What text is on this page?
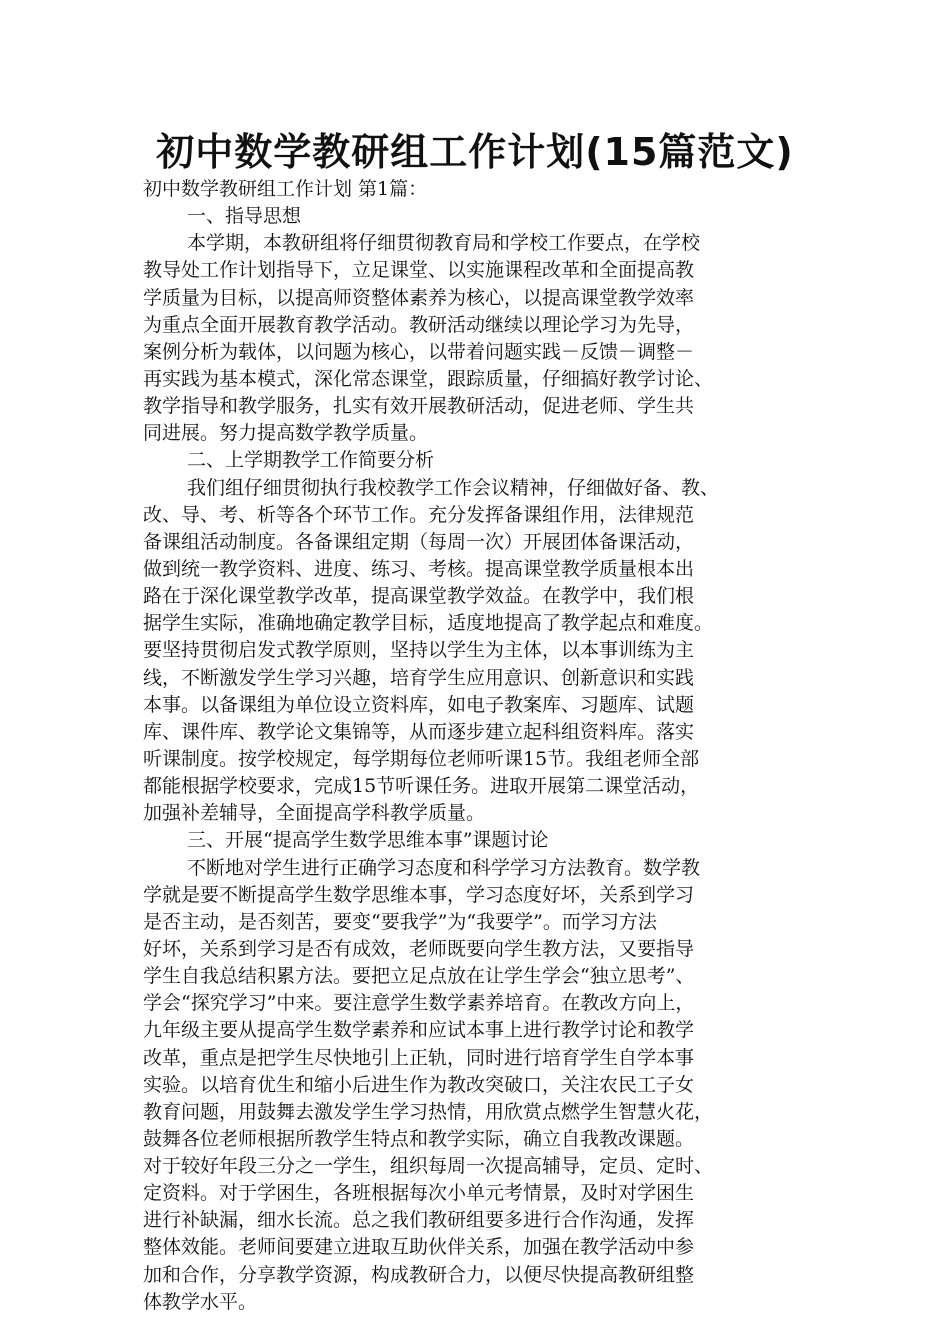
初中数学教研组工作计划(15篇范文)
初中数学教研组工作计划 第1篇：
一、指导思想
本学期，本教研组将仔细贯彻教育局和学校工作要点，在学校
教导处工作计划指导下，立足课堂、以实施课程改革和全面提高教
学质量为目标，以提高师资整体素养为核心，以提高课堂教学效率
为重点全面开展教育教学活动。教研活动继续以理论学习为先导，
案例分析为载体，以问题为核心，以带着问题实践－反馈－调整－
再实践为基本模式，深化常态课堂，跟踪质量，仔细搞好教学讨论、
教学指导和教学服务，扎实有效开展教研活动，促进老师、学生共
同进展。努力提高数学教学质量。
二、上学期教学工作简要分析
我们组仔细贯彻执行我校教学工作会议精神，仔细做好备、教、
改、导、考、析等各个环节工作。充分发挥备课组作用，法律规范
备课组活动制度。各备课组定期（每周一次）开展团体备课活动，
做到统一教学资料、进度、练习、考核。提高课堂教学质量根本出
路在于深化课堂教学改革，提高课堂教学效益。在教学中，我们根
据学生实际，准确地确定教学目标，适度地提高了教学起点和难度。
要坚持贯彻启发式教学原则，坚持以学生为主体，以本事训练为主
线，不断激发学生学习兴趣，培育学生应用意识、创新意识和实践
本事。以备课组为单位设立资料库，如电子教案库、习题库、试题
库、课件库、教学论文集锦等，从而逐步建立起科组资料库。落实
听课制度。按学校规定，每学期每位老师听课15节。我组老师全部
都能根据学校要求，完成15节听课任务。进取开展第二课堂活动，
加强补差辅导，全面提高学科教学质量。
三、开展“提高学生数学思维本事”课题讨论
不断地对学生进行正确学习态度和科学学习方法教育。数学教
学就是要不断提高学生数学思维本事，学习态度好坏，关系到学习
是否主动，是否刻苦，要变“要我学”为“我要学”。而学习方法
好坏，关系到学习是否有成效，老师既要向学生教方法，又要指导
学生自我总结积累方法。要把立足点放在让学生学会“独立思考”、
学会“探究学习”中来。要注意学生数学素养培育。在教改方向上，
九年级主要从提高学生数学素养和应试本事上进行教学讨论和教学
改革，重点是把学生尽快地引上正轨，同时进行培育学生自学本事
实验。以培育优生和缩小后进生作为教改突破口，关注农民工子女
教育问题，用鼓舞去激发学生学习热情，用欣赏点燃学生智慧火花，
鼓舞各位老师根据所教学生特点和教学实际，确立自我教改课题。
对于较好年段三分之一学生，组织每周一次提高辅导，定员、定时、
定资料。对于学困生，各班根据每次小单元考情景，及时对学困生
进行补缺漏，细水长流。总之我们教研组要多进行合作沟通，发挥
整体效能。老师间要建立进取互助伙伴关系，加强在教学活动中参
加和合作，分享教学资源，构成教研合力，以便尽快提高教研组整
体教学水平。
